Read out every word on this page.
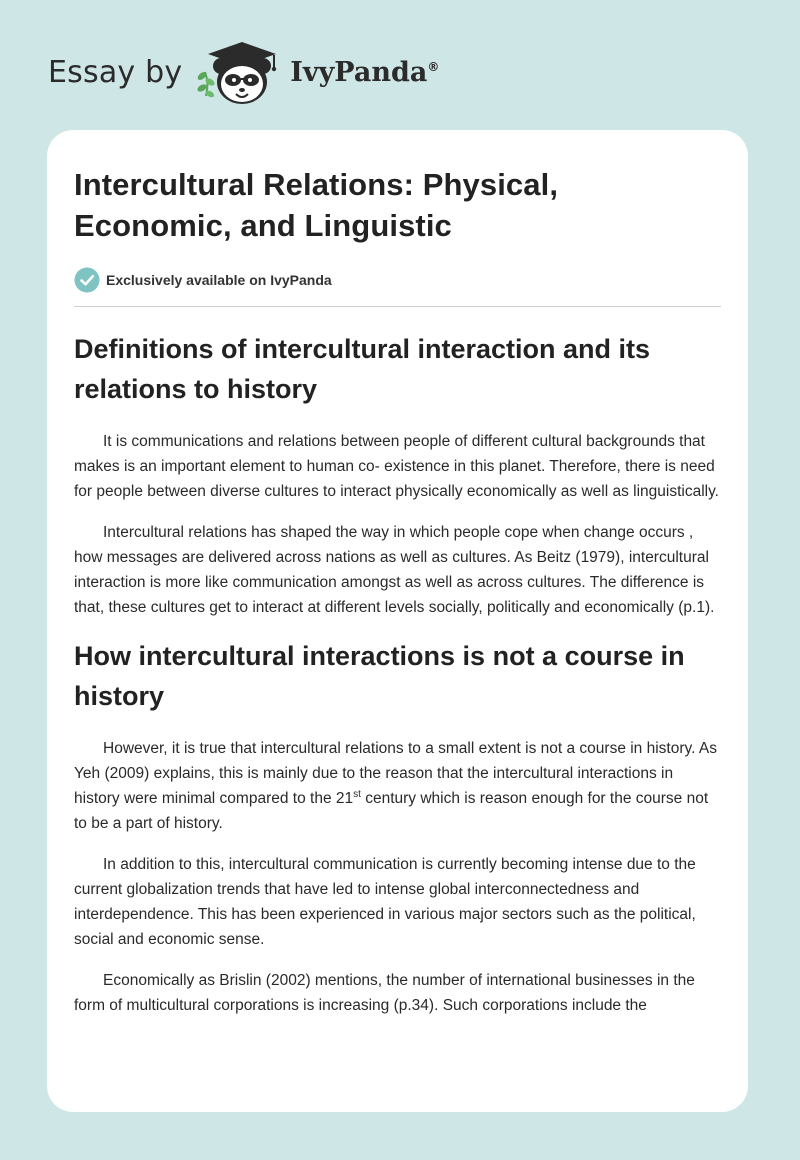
Essay by	IvyPanda®
Intercultural Relations: Physical, Economic, and Linguistic
Exclusively available on IvyPanda
Definitions of intercultural interaction and its relations to history

It is communications and relations between people of different cultural backgrounds that makes is an important element to human co- existence in this planet. Therefore, there is need for people between diverse cultures to interact physically economically as well as linguistically.

Intercultural relations has shaped the way in which people cope when change occurs , how messages are delivered across nations as well as cultures. As Beitz (1979), intercultural interaction is more like communication amongst as well as across cultures. The difference is that, these cultures get to interact at different levels socially, politically and economically (p.1).

How intercultural interactions is not a course in history

However, it is true that intercultural relations to a small extent is not a course in history. As Yeh (2009) explains, this is mainly due to the reason that the intercultural interactions in history were minimal compared to the 21st century which is reason enough for the course not to be a part of history.

In addition to this, intercultural communication is currently becoming intense due to the current globalization trends that have led to intense global interconnectedness and interdependence. This has been experienced in various major sectors such as the political, social and economic sense.

Economically as Brislin (2002) mentions, the number of international businesses in the form of multicultural corporations is increasing (p.34). Such corporations include the
